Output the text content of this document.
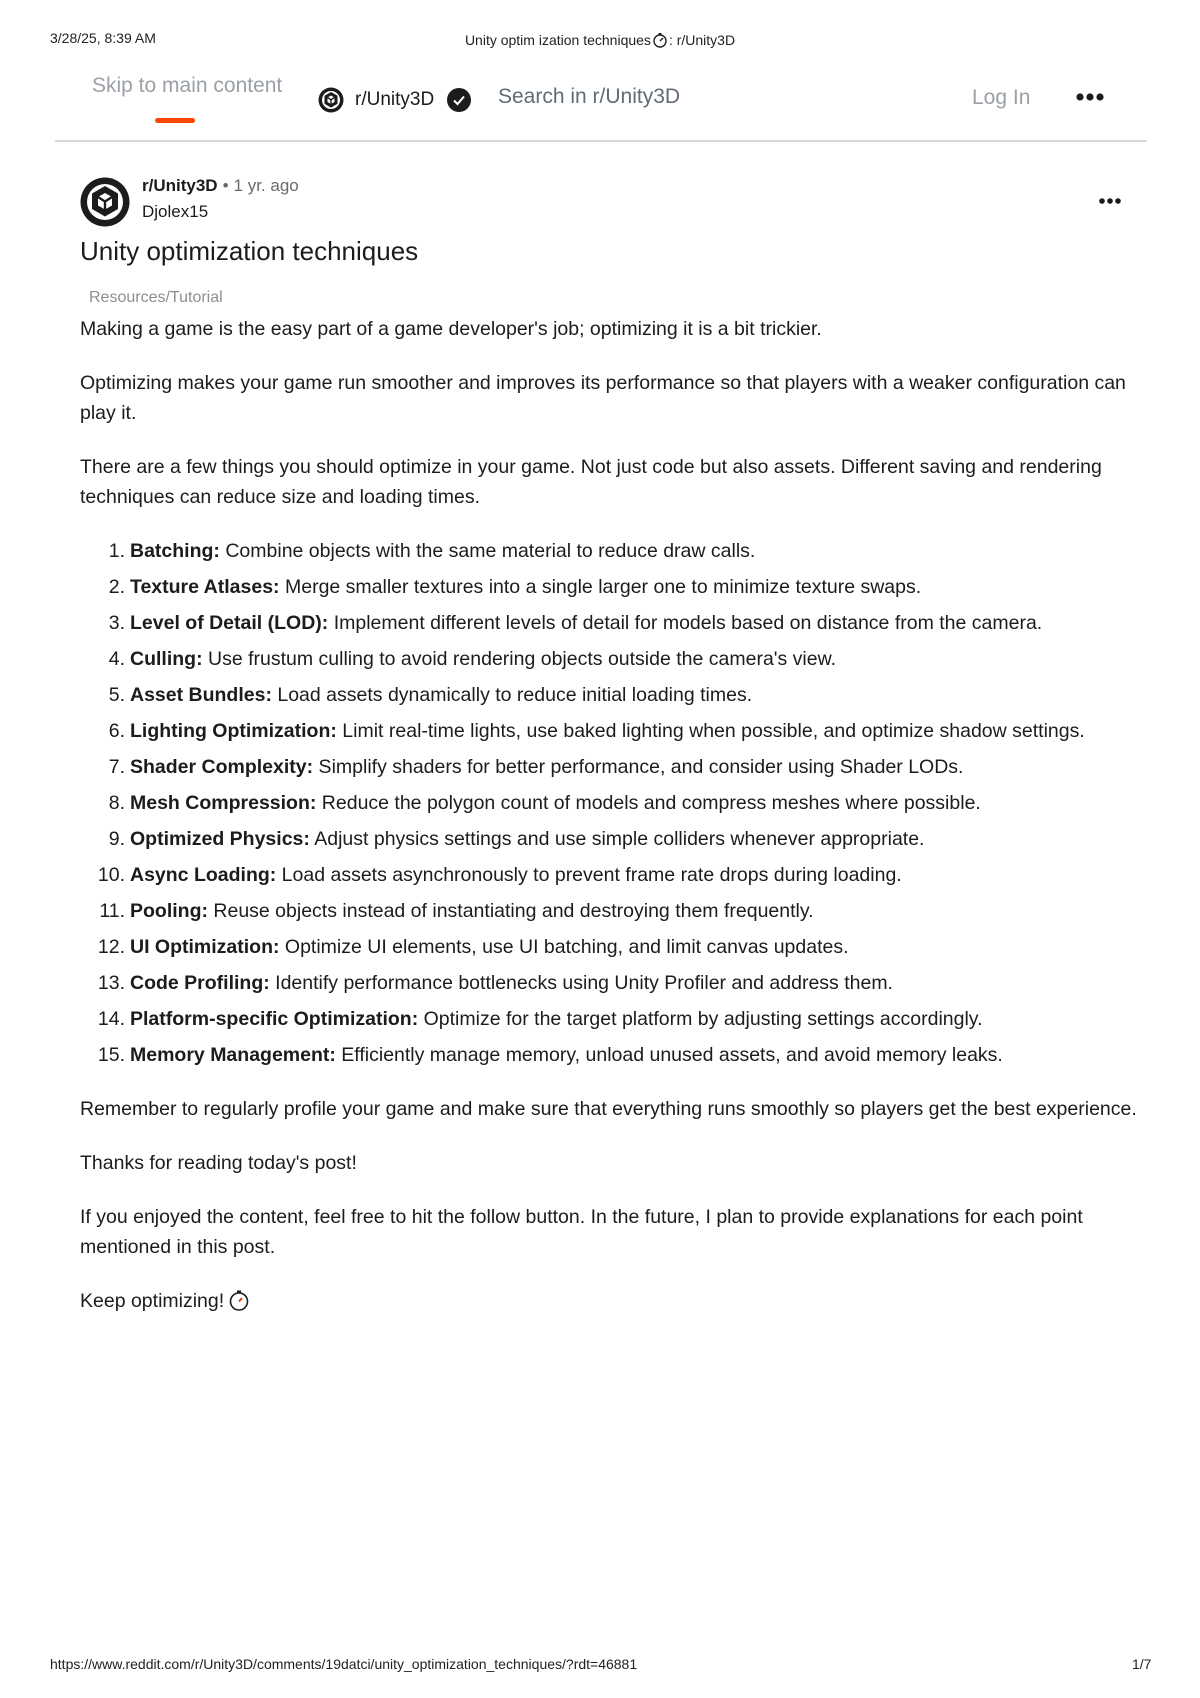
3/28/25, 8:39 AM	Unity optim ization techniques : r/Unity3D
Skip to main content
r/Unity3D	Search in r/Unity3D	Log In
r/Unity3D • 1 yr. ago
Djolex15
Unity optimization techniques
Resources/Tutorial

Making a game is the easy part of a game developer's job; optimizing it is a bit trickier.

Optimizing makes your game run smoother and improves its performance so that players with a weaker configuration can play it.

There are a few things you should optimize in your game. Not just code but also assets. Different saving and rendering techniques can reduce size and loading times.

1. Batching: Combine objects with the same material to reduce draw calls.
2. Texture Atlases: Merge smaller textures into a single larger one to minimize texture swaps.
3. Level of Detail (LOD): Implement different levels of detail for models based on distance from the camera.
4. Culling: Use frustum culling to avoid rendering objects outside the camera's view.
5. Asset Bundles: Load assets dynamically to reduce initial loading times.
6. Lighting Optimization: Limit real-time lights, use baked lighting when possible, and optimize shadow settings.
7. Shader Complexity: Simplify shaders for better performance, and consider using Shader LODs.
8. Mesh Compression: Reduce the polygon count of models and compress meshes where possible.
9. Optimized Physics: Adjust physics settings and use simple colliders whenever appropriate.
10. Async Loading: Load assets asynchronously to prevent frame rate drops during loading.
11. Pooling: Reuse objects instead of instantiating and destroying them frequently.
12. UI Optimization: Optimize UI elements, use UI batching, and limit canvas updates.
13. Code Profiling: Identify performance bottlenecks using Unity Profiler and address them.
14. Platform-specific Optimization: Optimize for the target platform by adjusting settings accordingly.
15. Memory Management: Efficiently manage memory, unload unused assets, and avoid memory leaks.

Remember to regularly profile your game and make sure that everything runs smoothly so players get the best experience.

Thanks for reading today's post!

If you enjoyed the content, feel free to hit the follow button. In the future, I plan to provide explanations for each point mentioned in this post.

Keep optimizing!

https://www.reddit.com/r/Unity3D/comments/19datci/unity_optimization_techniques/?rdt=46881	1/7
